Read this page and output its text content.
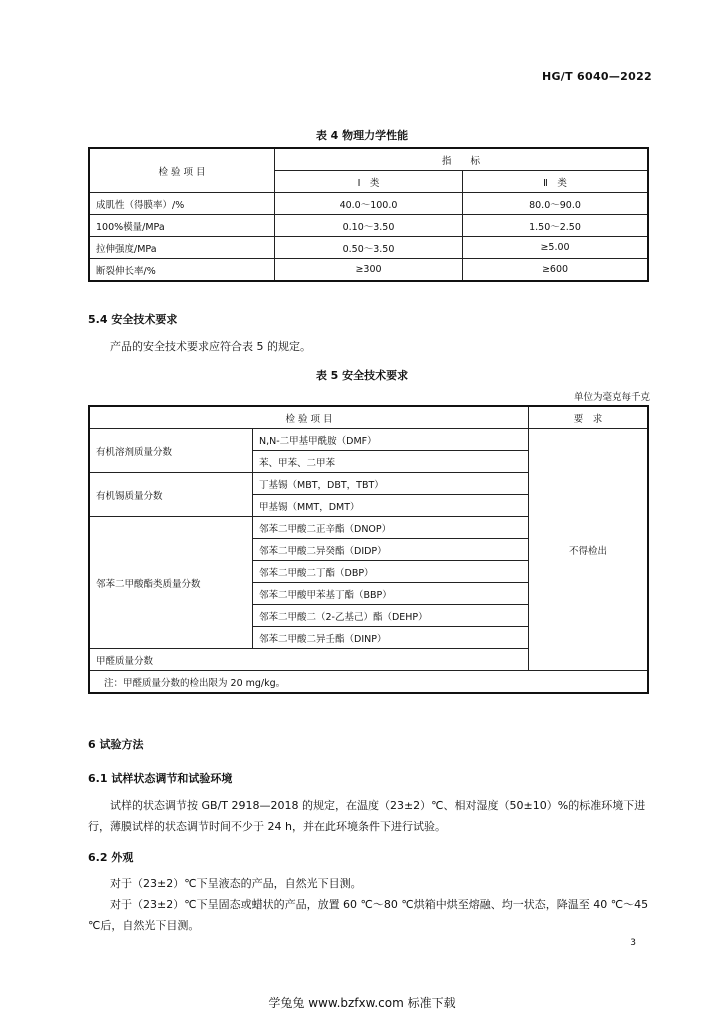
HG/T 6040—2022
表 4 物理力学性能
检 验 项 目	指　　标	
	Ⅰ　类	Ⅱ　类
成肌性（得膜率）/%	40.0～100.0	80.0～90.0
100%模量/MPa	0.10～3.50	1.50～2.50
拉伸强度/MPa	0.50～3.50	≥5.00
断裂伸长率/%	≥300	≥600
5.4 安全技术要求
产品的安全技术要求应符合表 5 的规定。
表 5 安全技术要求
单位为毫克每千克
检 验 项 目		要　求
有机溶剂质量分数	N,N-二甲基甲酰胺（DMF）	不得检出
	苯、甲苯、二甲苯	
有机锡质量分数	丁基锡（MBT，DBT，TBT）	
	甲基锡（MMT，DMT）	
邻苯二甲酸酯类质量分数	邻苯二甲酸二正辛酯（DNOP）	
	邻苯二甲酸二异癸酯（DIDP）	
	邻苯二甲酸二丁酯（DBP）	
	邻苯二甲酸甲苯基丁酯（BBP）	
	邻苯二甲酸二（2-乙基己）酯（DEHP）	
	邻苯二甲酸二异壬酯（DINP）	
甲醛质量分数		
注：甲醛质量分数的检出限为 20 mg/kg。		
6 试验方法
6.1 试样状态调节和试验环境
试样的状态调节按 GB/T 2918—2018 的规定，在温度（23±2）℃、相对湿度（50±10）%的标准环境下进行，薄膜试样的状态调节时间不少于 24 h，并在此环境条件下进行试验。
6.2 外观
对于（23±2）℃下呈液态的产品，自然光下目测。
对于（23±2）℃下呈固态或蜡状的产品，放置 60 ℃～80 ℃烘箱中烘至熔融、均一状态，降温至 40 ℃～45 ℃后，自然光下目测。
3
学兔兔 www.bzfxw.com 标准下载
